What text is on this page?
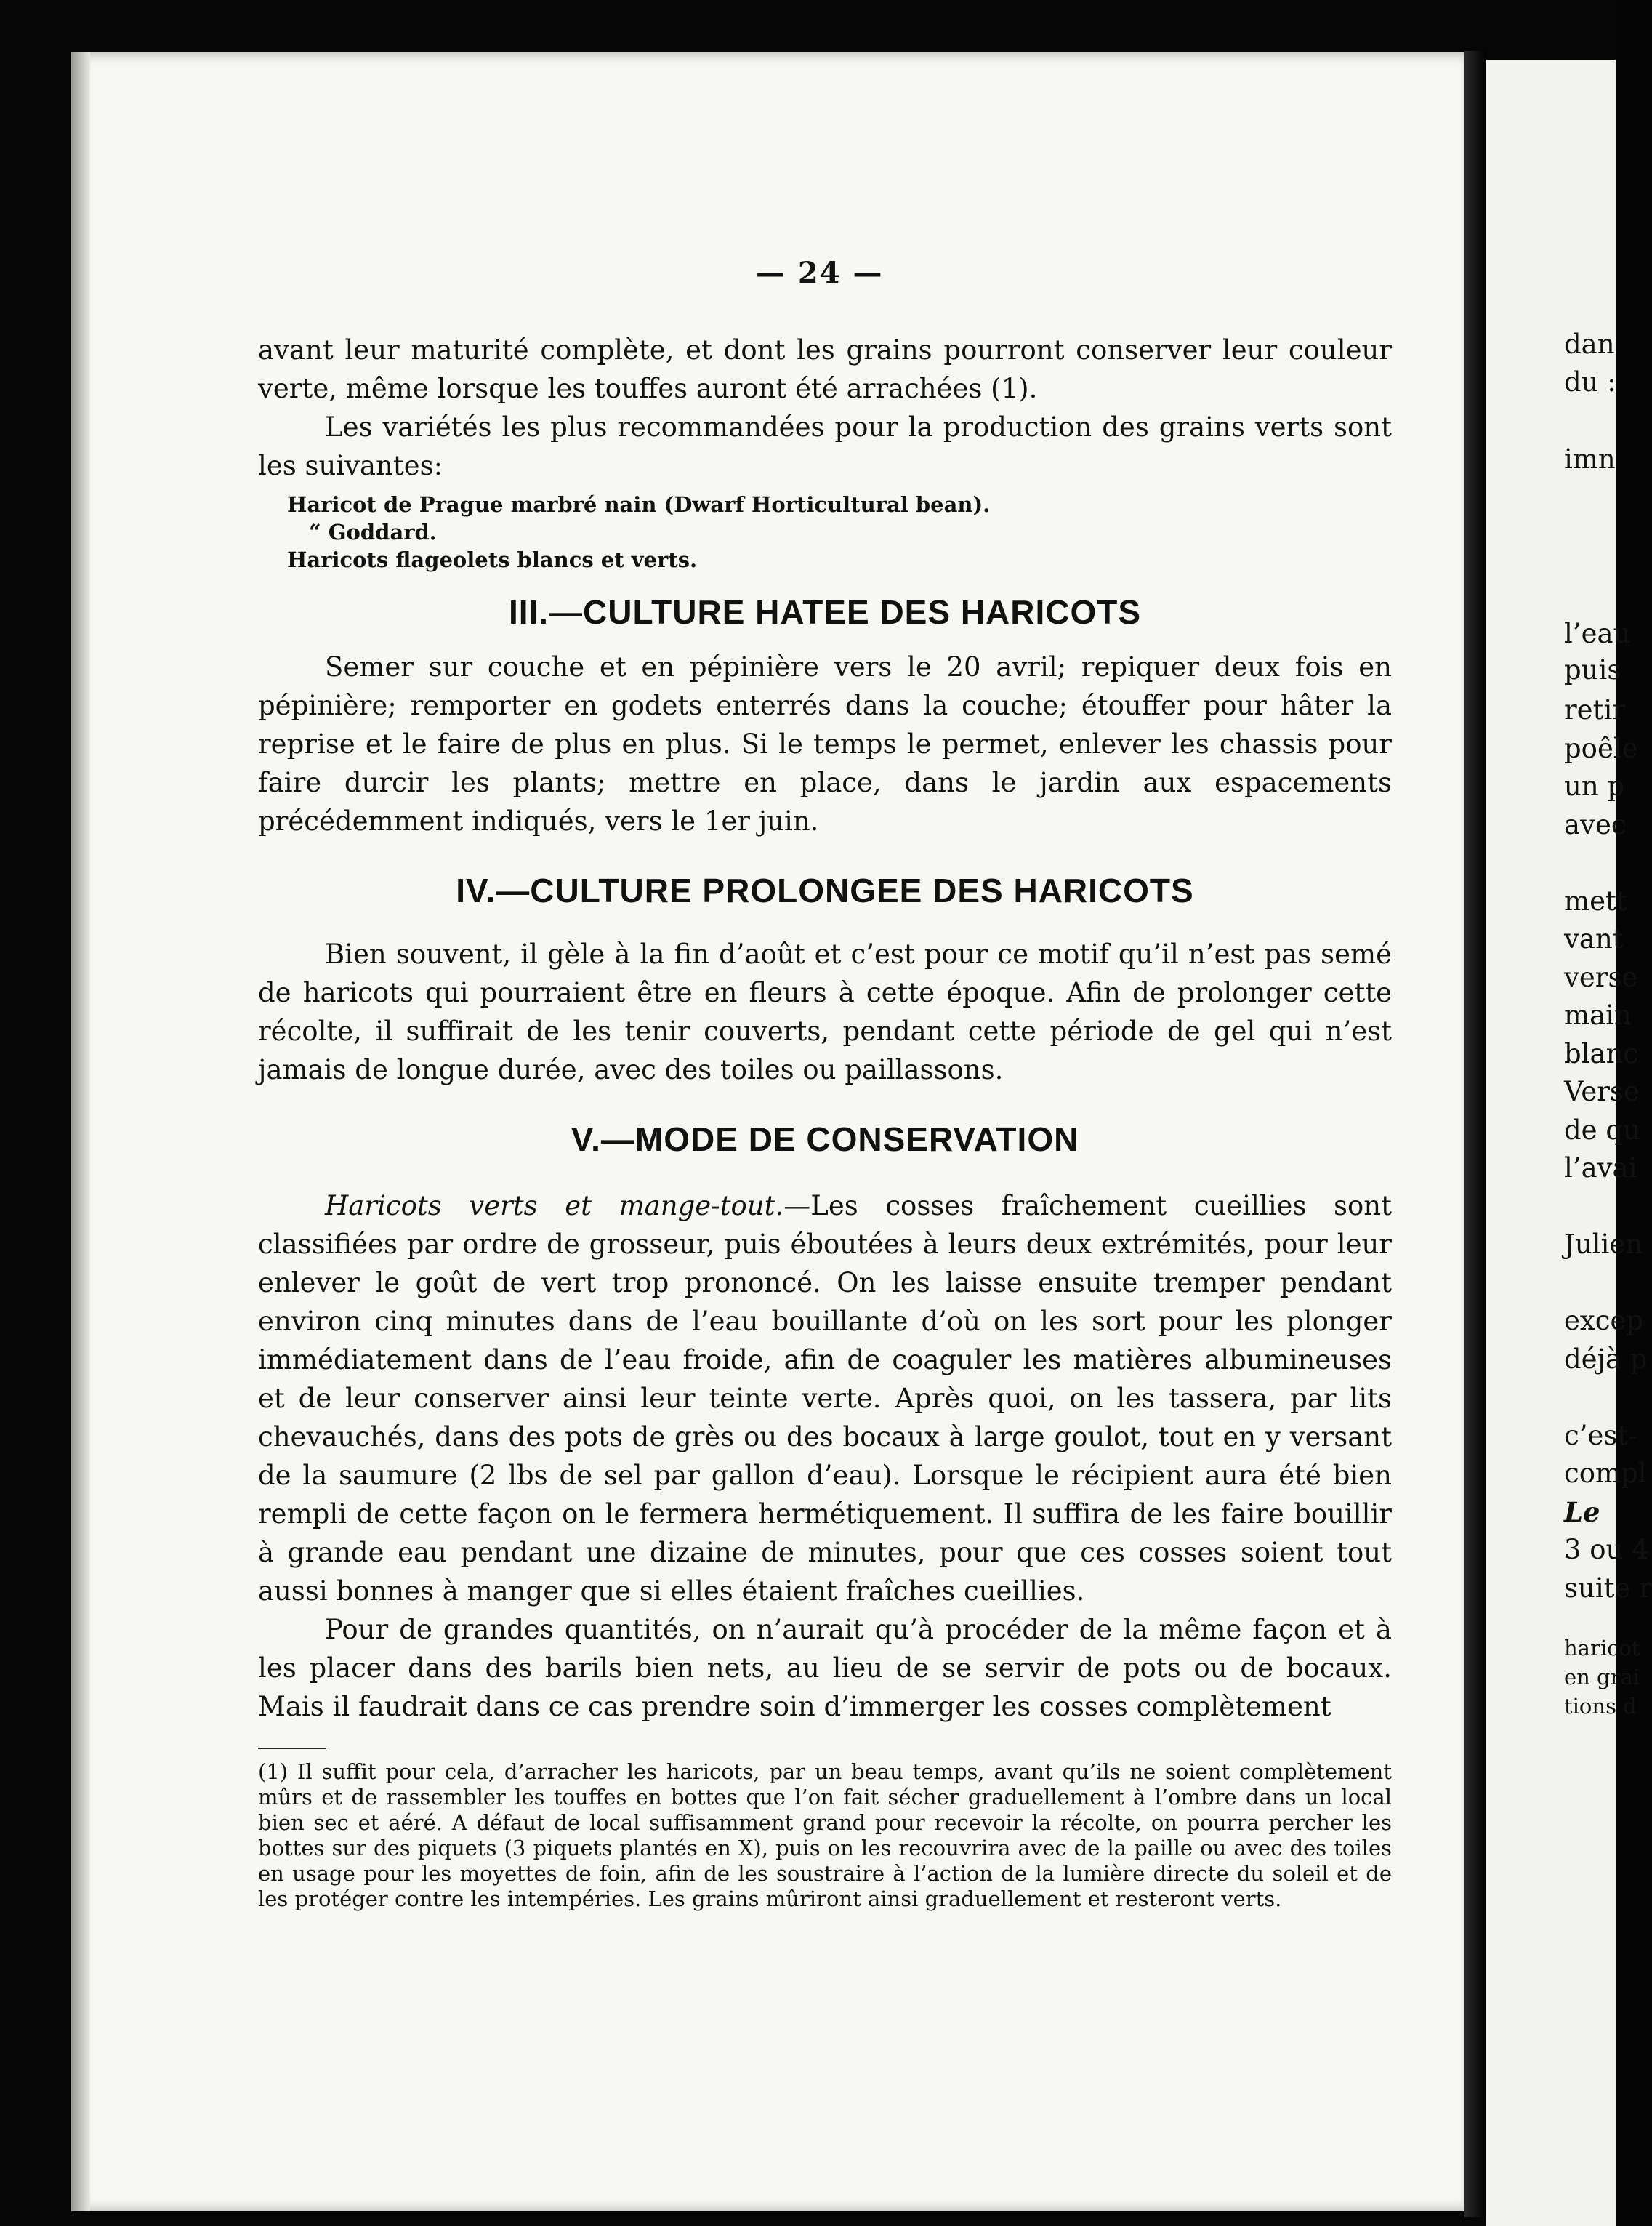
— 24 —

avant leur maturité complète, et dont les grains pourront conserver leur couleur verte, même lorsque les touffes auront été arrachées (1).

Les variétés les plus recommandées pour la production des grains verts sont les suivantes:

Haricot de Prague marbré nain (Dwarf Horticultural bean).
“ Goddard.
Haricots flageolets blancs et verts.
III.—CULTURE HATEE DES HARICOTS

Semer sur couche et en pépinière vers le 20 avril; repiquer deux fois en pépinière; remporter en godets enterrés dans la couche; étouffer pour hâter la reprise et le faire de plus en plus. Si le temps le permet, enlever les chassis pour faire durcir les plants; mettre en place, dans le jardin aux espacements précédemment indiqués, vers le 1er juin.

IV.—CULTURE PROLONGEE DES HARICOTS

Bien souvent, il gèle à la fin d’août et c’est pour ce motif qu’il n’est pas semé de haricots qui pourraient être en fleurs à cette époque. Afin de prolonger cette récolte, il suffirait de les tenir couverts, pendant cette période de gel qui n’est jamais de longue durée, avec des toiles ou paillassons.

V.—MODE DE CONSERVATION

Haricots verts et mange-tout.—Les cosses fraîchement cueillies sont classifiées par ordre de grosseur, puis éboutées à leurs deux extrémités, pour leur enlever le goût de vert trop prononcé. On les laisse ensuite tremper pendant environ cinq minutes dans de l’eau bouillante d’où on les sort pour les plonger immédiatement dans de l’eau froide, afin de coaguler les matières albumineuses et de leur conserver ainsi leur teinte verte. Après quoi, on les tassera, par lits chevauchés, dans des pots de grès ou des bocaux à large goulot, tout en y versant de la saumure (2 lbs de sel par gallon d’eau). Lorsque le récipient aura été bien rempli de cette façon on le fermera hermétiquement. Il suffira de les faire bouillir à grande eau pendant une dizaine de minutes, pour que ces cosses soient tout aussi bonnes à manger que si elles étaient fraîches cueillies.

Pour de grandes quantités, on n’aurait qu’à procéder de la même façon et à les placer dans des barils bien nets, au lieu de se servir de pots ou de bocaux. Mais il faudrait dans ce cas prendre soin d’immerger les cosses complètement

(1) Il suffit pour cela, d’arracher les haricots, par un beau temps, avant qu’ils ne soient complètement mûrs et de rassembler les touffes en bottes que l’on fait sécher graduellement à l’ombre dans un local bien sec et aéré. A défaut de local suffisamment grand pour recevoir la récolte, on pourra percher les bottes sur des piquets (3 piquets plantés en X), puis on les recouvrira avec de la paille ou avec des toiles en usage pour les moyettes de foin, afin de les soustraire à l’action de la lumière directe du soleil et de les protéger contre les intempéries. Les grains mûriront ainsi graduellement et resteront verts.

dan
du :
imn
l’eau
puis
retir
poêle
un p
avec
mett
vant
verse
main
blanc
Verse
de qu
l’avai
Julien
excep
déjà p
c’est-
compl
Le
3 ou 4
suite r
haricot
en grai
tions d
